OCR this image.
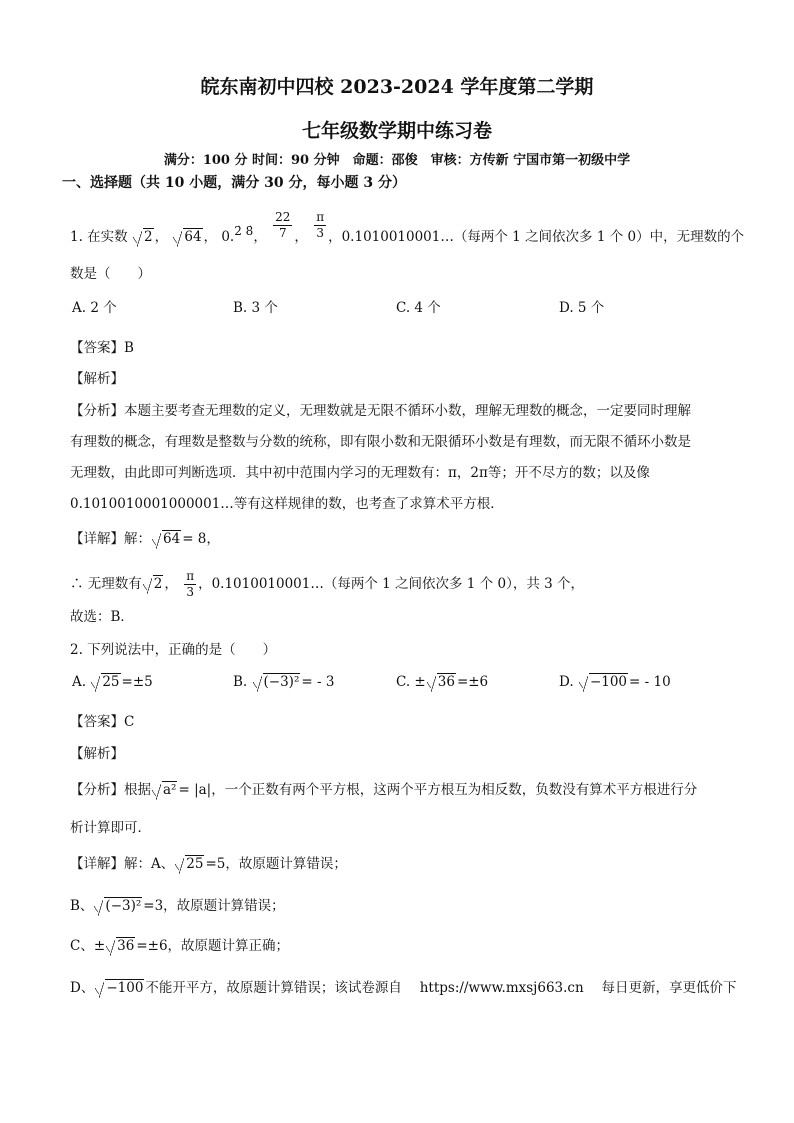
皖东南初中四校 2023-2024 学年度第二学期
七年级数学期中练习卷
满分：100 分 时间：90 分钟　命题：邵俊　审核：方传新 宁国市第一初级中学
一、选择题（共 10 小题，满分 30 分，每小题 3 分）
1. 在实数 2 ， 64 ， 0.2̇ 8̇， $\frac{22}{7}$ ， $\frac{\pi}{3}$ ，0.1010010001…（每两个 1 之间依次多 1 个 0）中，无理数的个
数是（　　）
A. 2 个	B. 3 个	C. 4 个	D. 5 个
【答案】B
【解析】
【分析】本题主要考查无理数的定义，无理数就是无限不循环小数，理解无理数的概念，一定要同时理解
有理数的概念，有理数是整数与分数的统称，即有限小数和无限循环小数是有理数，而无限不循环小数是
无理数，由此即可判断选项．其中初中范围内学习的无理数有：π，2π等；开不尽方的数；以及像
0.1010010001000001…等有这样规律的数，也考查了求算术平方根．
【详解】解： 64 = 8，
∴ 无理数有 2 ， $\frac{\pi}{3}$ ，0.1010010001…（每两个 1 之间依次多 1 个 0），共 3 个，
故选：B．
2. 下列说法中，正确的是（　　）
A. 25 =±5	B. (−3)² = - 3	C. ± 36 =±6	D. −100 = - 10
【答案】C
【解析】
【分析】根据 a² = |a|，一个正数有两个平方根，这两个平方根互为相反数，负数没有算术平方根进行分
析计算即可．
【详解】解：A、 25 =5，故原题计算错误；
B、 (−3)² =3，故原题计算错误；
C、± 36 =±6，故原题计算正确；
D、 −100 不能开平方，故原题计算错误；该试卷源自　 https://www.mxsj663.cn　 每日更新，享更低价下
